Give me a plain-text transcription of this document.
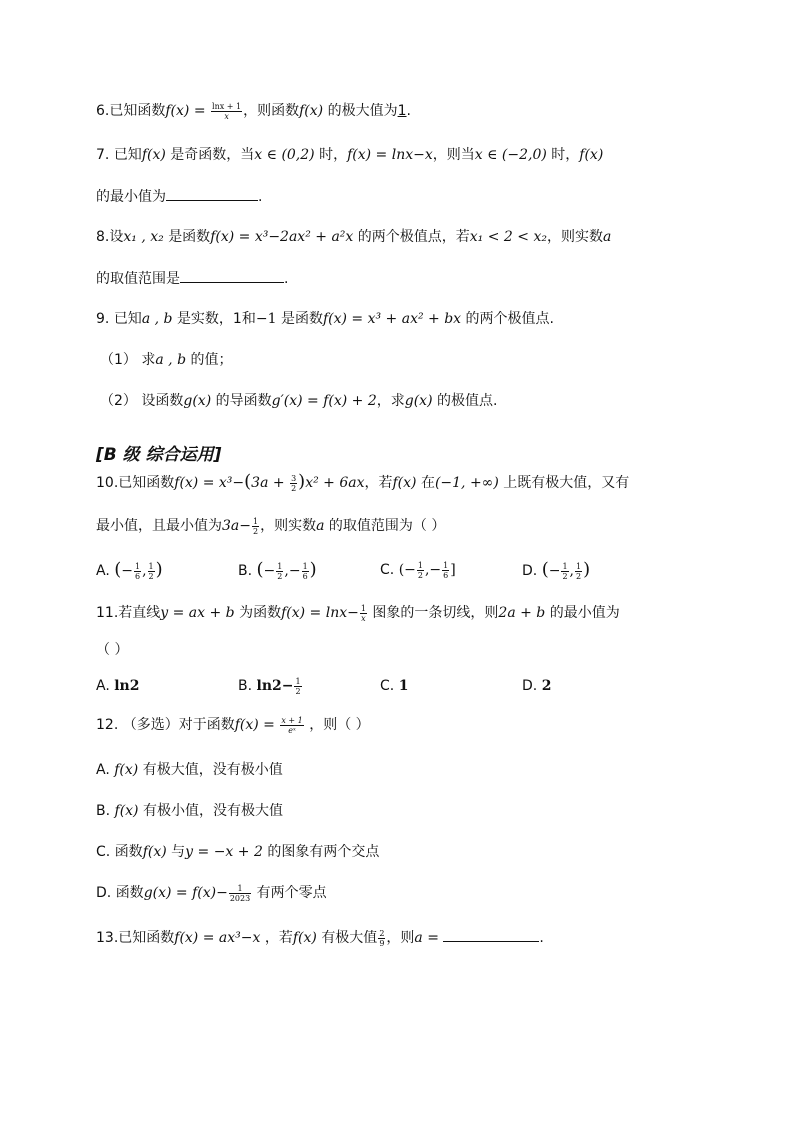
6.已知函数$f(x) = \frac{\ln x + 1}{x}$ ，则函数f(x) 的极大值为1.
7. 已知f(x) 是奇函数，当x ∈ (0,2) 时，f(x) = lnx−x，则当x ∈ (−2,0) 时，f(x)
的最小值为	.
8.设x₁ , x₂ 是函数f(x) = x³−2ax² + a²x 的两个极值点，若x₁ < 2 < x₂，则实数a
的取值范围是	.
9. 已知a , b 是实数，1和−1 是函数f(x) = x³ + ax² + bx 的两个极值点.
（1） 求a , b 的值；
（2） 设函数g(x) 的导函数g′(x) = f(x) + 2，求g(x) 的极值点.
[B 级 综合运用]
10.已知函数$f(x) = x^3-(3a + \frac{3}{2} )x^2 + 6ax$，若f(x) 在(−1, +∞) 上既有极大值，又有
最小值，且最小值为$3a- \frac{1}{2}$ ，则实数a 的取值范围为（ ）
A. (− $\frac{1}{6}$ , $\frac{1}{2}$ )	B. (− $\frac{1}{2}$ ,− $\frac{1}{6}$ )	C. (− $\frac{1}{2}$ ,− $\frac{1}{6}$ ]	D. (− $\frac{1}{2}$ , $\frac{1}{2}$ )
11.若直线y = ax + b 为函数$f(x) = \ln x- \frac{1}{x}$ 图象的一条切线，则2a + b 的最小值为
（ ）
A. ln2	B. $\ln 2- \frac{1}{2}$	C. 1	D. 2
12. （多选）对于函数$f(x) = \frac{x + 1}{\text{eˣ}}$ ，则（ ）
A. f(x) 有极大值，没有极小值
B. f(x) 有极小值，没有极大值
C. 函数f(x) 与y = −x + 2 的图象有两个交点
D. 函数$g(x) = f(x)- \frac{1}{2023}$ 有两个零点
13.已知函数f(x) = ax³−x ，若f(x) 有极大值 $\frac{2}{9}$ ，则a =	.
